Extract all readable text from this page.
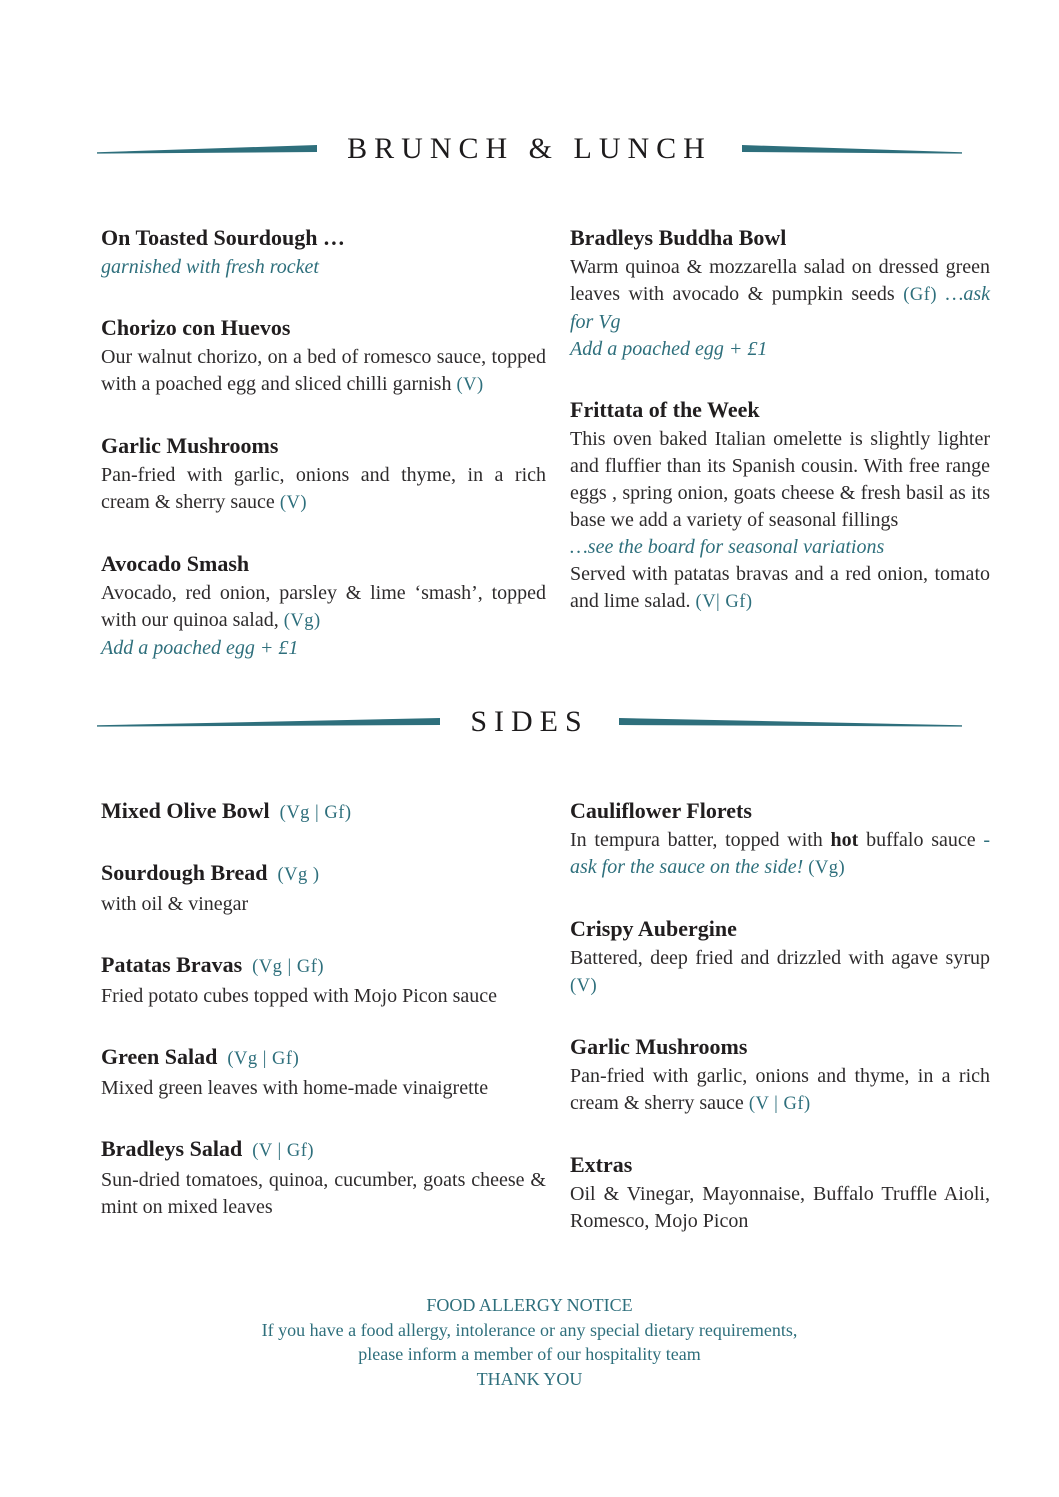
BRUNCH & LUNCH
On Toasted Sourdough …

garnished with fresh rocket

Chorizo con Huevos

Our walnut chorizo, on a bed of romesco sauce, topped with a poached egg and sliced chilli garnish (V)

Garlic Mushrooms

Pan-fried with garlic, onions and thyme, in a rich cream & sherry sauce (V)

Avocado Smash

Avocado, red onion, parsley & lime ‘smash’, topped with our quinoa salad, (Vg)

Add a poached egg + £1

Bradleys Buddha Bowl

Warm quinoa & mozzarella salad on dressed green leaves with avocado & pumpkin seeds (Gf) …ask for Vg

Add a poached egg + £1

Frittata of the Week

This oven baked Italian omelette is slightly lighter and fluffier than its Spanish cousin. With free range eggs , spring onion, goats cheese & fresh basil as its base we add a variety of seasonal fillings

…see the board for seasonal variations

Served with patatas bravas and a red onion, tomato and lime salad. (V| Gf)

SIDES
Mixed Olive Bowl (Vg | Gf)
Sourdough Bread (Vg )

with oil & vinegar

Patatas Bravas (Vg | Gf)

Fried potato cubes topped with Mojo Picon sauce

Green Salad (Vg | Gf)

Mixed green leaves with home-made vinaigrette

Bradleys Salad (V | Gf)

Sun-dried tomatoes, quinoa, cucumber, goats cheese & mint on mixed leaves

Cauliflower Florets

In tempura batter, topped with hot buffalo sauce - ask for the sauce on the side! (Vg)

Crispy Aubergine

Battered, deep fried and drizzled with agave syrup (V)

Garlic Mushrooms

Pan-fried with garlic, onions and thyme, in a rich cream & sherry sauce (V | Gf)

Extras

Oil & Vinegar, Mayonnaise, Buffalo Truffle Aioli, Romesco, Mojo Picon

FOOD ALLERGY NOTICE
If you have a food allergy, intolerance or any special dietary requirements,
please inform a member of our hospitality team
THANK YOU
